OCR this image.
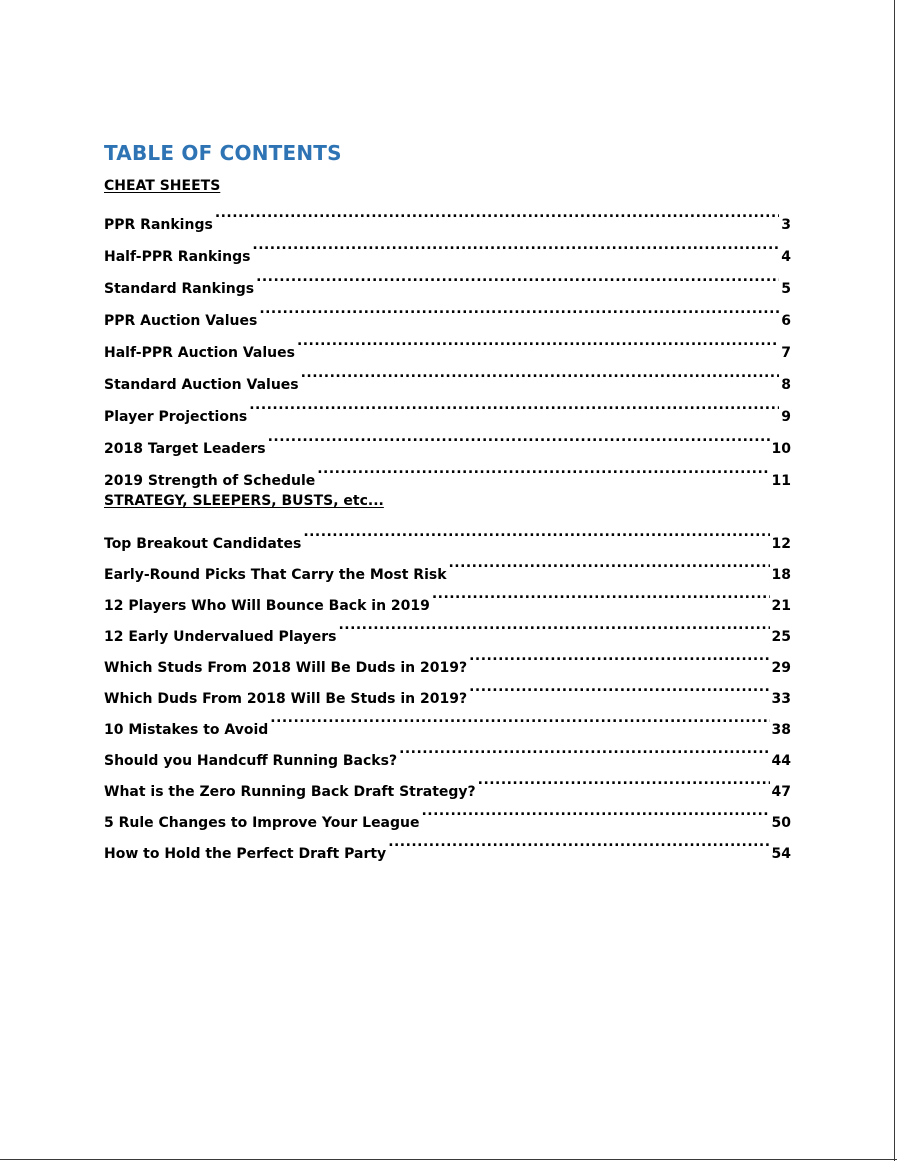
TABLE OF CONTENTS
CHEAT SHEETS
PPR Rankings . . .	3
Half-PPR Rankings . . .	4
Standard Rankings . . .	5
PPR Auction Values . . .	6
Half-PPR Auction Values . . .	7
Standard Auction Values . . .	8
Player Projections . . .	9
2018 Target Leaders . . .	10
2019 Strength of Schedule . . .	11
STRATEGY, SLEEPERS, BUSTS, etc...
Top Breakout Candidates . . .	12
Early-Round Picks That Carry the Most Risk . . .	18
12 Players Who Will Bounce Back in 2019 . . .	21
12 Early Undervalued Players . . .	25
Which Studs From 2018 Will Be Duds in 2019? . . .	29
Which Duds From 2018 Will Be Studs in 2019? . . .	33
10 Mistakes to Avoid . . .	38
Should you Handcuff Running Backs? . . .	44
What is the Zero Running Back Draft Strategy? . . .	47
5 Rule Changes to Improve Your League . . .	50
How to Hold the Perfect Draft Party . . .	54
